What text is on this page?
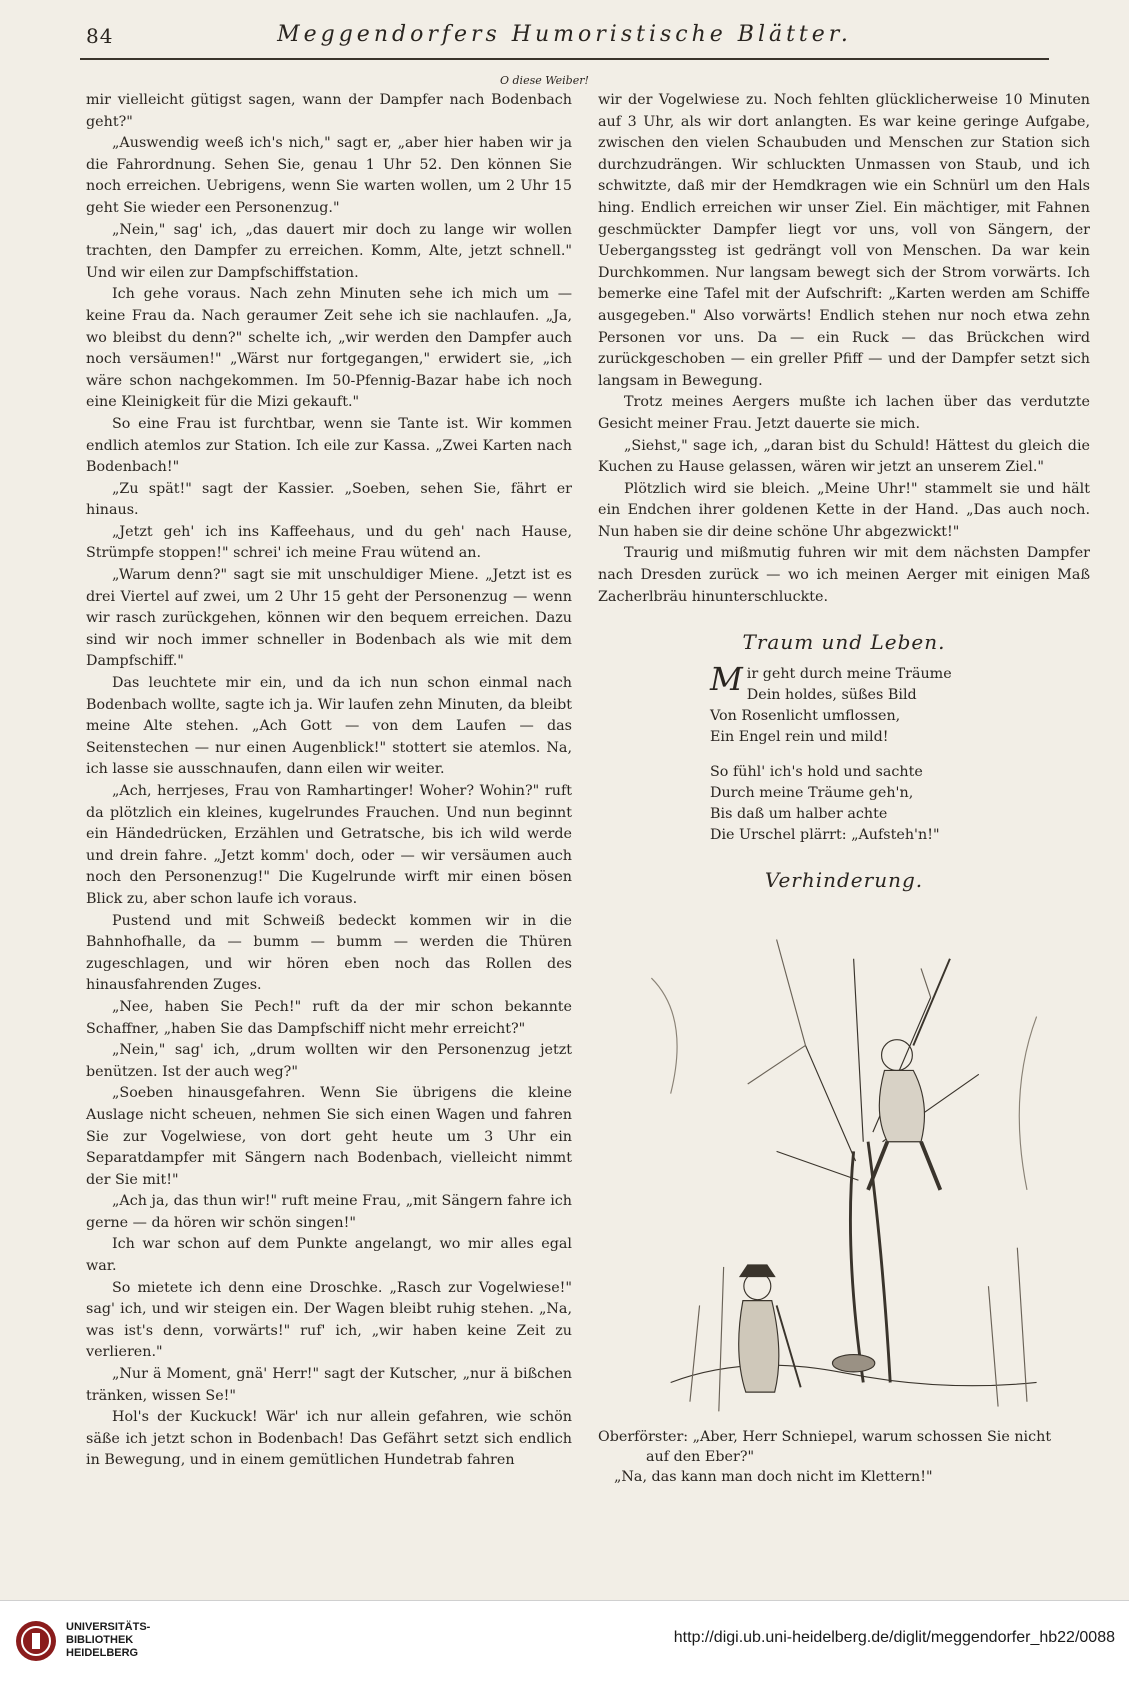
84	Meggendorfers Humoristische Blätter.
O diese Weiber!

mir vielleicht gütigst sagen, wann der Dampfer nach Bodenbach geht?"

„Auswendig weeß ich's nich," sagt er, „aber hier haben wir ja die Fahrordnung. Sehen Sie, genau 1 Uhr 52. Den können Sie noch erreichen. Uebrigens, wenn Sie warten wollen, um 2 Uhr 15 geht Sie wieder een Personenzug."

„Nein," sag' ich, „das dauert mir doch zu lange wir wollen trachten, den Dampfer zu erreichen. Komm, Alte, jetzt schnell." Und wir eilen zur Dampfschiffstation.

Ich gehe voraus. Nach zehn Minuten sehe ich mich um — keine Frau da. Nach geraumer Zeit sehe ich sie nachlaufen. „Ja, wo bleibst du denn?" schelte ich, „wir werden den Dampfer auch noch versäumen!" „Wärst nur fortgegangen," erwidert sie, „ich wäre schon nachgekommen. Im 50-Pfennig-Bazar habe ich noch eine Kleinigkeit für die Mizi gekauft."

So eine Frau ist furchtbar, wenn sie Tante ist. Wir kommen endlich atemlos zur Station. Ich eile zur Kassa. „Zwei Karten nach Bodenbach!"

„Zu spät!" sagt der Kassier. „Soeben, sehen Sie, fährt er hinaus.

„Jetzt geh' ich ins Kaffeehaus, und du geh' nach Hause, Strümpfe stoppen!" schrei' ich meine Frau wütend an.

„Warum denn?" sagt sie mit unschuldiger Miene. „Jetzt ist es drei Viertel auf zwei, um 2 Uhr 15 geht der Personenzug — wenn wir rasch zurückgehen, können wir den bequem erreichen. Dazu sind wir noch immer schneller in Bodenbach als wie mit dem Dampfschiff."

Das leuchtete mir ein, und da ich nun schon einmal nach Bodenbach wollte, sagte ich ja. Wir laufen zehn Minuten, da bleibt meine Alte stehen. „Ach Gott — von dem Laufen — das Seitenstechen — nur einen Augenblick!" stottert sie atemlos. Na, ich lasse sie ausschnaufen, dann eilen wir weiter.

„Ach, herrjeses, Frau von Ramhartinger! Woher? Wohin?" ruft da plötzlich ein kleines, kugelrundes Frauchen. Und nun beginnt ein Händedrücken, Erzählen und Getratsche, bis ich wild werde und drein fahre. „Jetzt komm' doch, oder — wir versäumen auch noch den Personenzug!" Die Kugelrunde wirft mir einen bösen Blick zu, aber schon laufe ich voraus.

Pustend und mit Schweiß bedeckt kommen wir in die Bahnhofhalle, da — bumm — bumm — werden die Thüren zugeschlagen, und wir hören eben noch das Rollen des hinausfahrenden Zuges.

„Nee, haben Sie Pech!" ruft da der mir schon bekannte Schaffner, „haben Sie das Dampfschiff nicht mehr erreicht?"

„Nein," sag' ich, „drum wollten wir den Personenzug jetzt benützen. Ist der auch weg?"

„Soeben hinausgefahren. Wenn Sie übrigens die kleine Auslage nicht scheuen, nehmen Sie sich einen Wagen und fahren Sie zur Vogelwiese, von dort geht heute um 3 Uhr ein Separatdampfer mit Sängern nach Bodenbach, vielleicht nimmt der Sie mit!"

„Ach ja, das thun wir!" ruft meine Frau, „mit Sängern fahre ich gerne — da hören wir schön singen!"

Ich war schon auf dem Punkte angelangt, wo mir alles egal war.

So mietete ich denn eine Droschke. „Rasch zur Vogelwiese!" sag' ich, und wir steigen ein. Der Wagen bleibt ruhig stehen. „Na, was ist's denn, vorwärts!" ruf' ich, „wir haben keine Zeit zu verlieren."

„Nur ä Moment, gnä' Herr!" sagt der Kutscher, „nur ä bißchen tränken, wissen Se!"

Hol's der Kuckuck! Wär' ich nur allein gefahren, wie schön säße ich jetzt schon in Bodenbach! Das Gefährt setzt sich endlich in Bewegung, und in einem gemütlichen Hundetrab fahren

wir der Vogelwiese zu. Noch fehlten glücklicherweise 10 Minuten auf 3 Uhr, als wir dort anlangten. Es war keine geringe Aufgabe, zwischen den vielen Schaubuden und Menschen zur Station sich durchzudrängen. Wir schluckten Unmassen von Staub, und ich schwitzte, daß mir der Hemdkragen wie ein Schnürl um den Hals hing. Endlich erreichen wir unser Ziel. Ein mächtiger, mit Fahnen geschmückter Dampfer liegt vor uns, voll von Sängern, der Uebergangssteg ist gedrängt voll von Menschen. Da war kein Durchkommen. Nur langsam bewegt sich der Strom vorwärts. Ich bemerke eine Tafel mit der Aufschrift: „Karten werden am Schiffe ausgegeben." Also vorwärts! Endlich stehen nur noch etwa zehn Personen vor uns. Da — ein Ruck — das Brückchen wird zurückgeschoben — ein greller Pfiff — und der Dampfer setzt sich langsam in Bewegung.

Trotz meines Aergers mußte ich lachen über das verdutzte Gesicht meiner Frau. Jetzt dauerte sie mich.

„Siehst," sage ich, „daran bist du Schuld! Hättest du gleich die Kuchen zu Hause gelassen, wären wir jetzt an unserem Ziel."

Plötzlich wird sie bleich. „Meine Uhr!" stammelt sie und hält ein Endchen ihrer goldenen Kette in der Hand. „Das auch noch. Nun haben sie dir deine schöne Uhr abgezwickt!"

Traurig und mißmutig fuhren wir mit dem nächsten Dampfer nach Dresden zurück — wo ich meinen Aerger mit einigen Maß Zacherlbräu hinunterschluckte.

Traum und Leben.
M ir geht durch meine Träume
Dein holdes, süßes Bild
Von Rosenlicht umflossen,
Ein Engel rein und mild!
So fühl' ich's hold und sachte
Durch meine Träume geh'n,
Bis daß um halber achte
Die Urschel plärrt: „Aufsteh'n!"
Verhinderung.
Oberförster: „Aber, Herr Schniepel, warum schossen Sie nicht
auf den Eber?"
„Na, das kann man doch nicht im Klettern!"
UNIVERSITÄTS-
BIBLIOTHEK
HEIDELBERG
http://digi.ub.uni-heidelberg.de/diglit/meggendorfer_hb22/0088
